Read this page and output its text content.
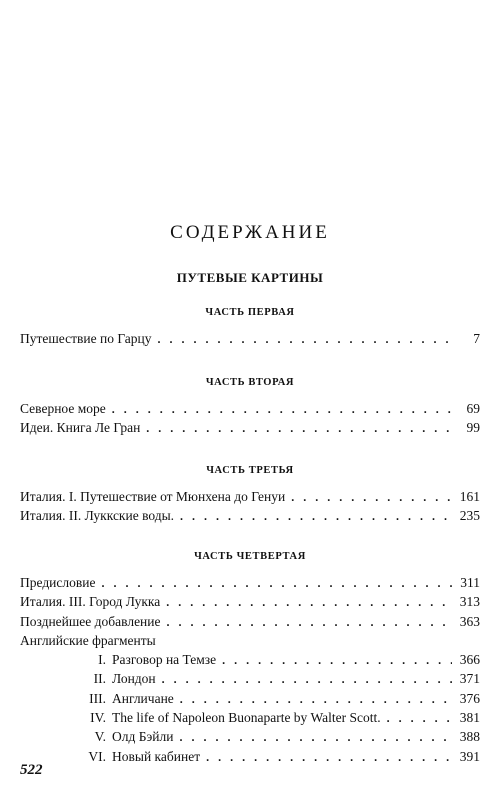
СОДЕРЖАНИЕ
ПУТЕВЫЕ КАРТИНЫ
ЧАСТЬ ПЕРВАЯ
Путешествие по Гарцу . . .	7
ЧАСТЬ ВТОРАЯ
Северное море . . .	69
Идеи. Книга Ле Гран . . .	99
ЧАСТЬ ТРЕТЬЯ
Италия. I. Путешествие от Мюнхена до Генуи . . .	161
Италия. II. Луккские воды. . . .	235
ЧАСТЬ ЧЕТВЕРТАЯ
Предисловие . . .	311
Италия. III. Город Лукка . . .	313
Позднейшее добавление . . .	363
Английские фрагменты
I. Разговор на Темзе . . .	366
II. Лондон . . .	371
III. Англичане . . .	376
IV. The life of Napoleon Buonaparte by Walter Scott. . . .	381
V. Олд Бэйли . . .	388
VI. Новый кабинет . . .	391
522
